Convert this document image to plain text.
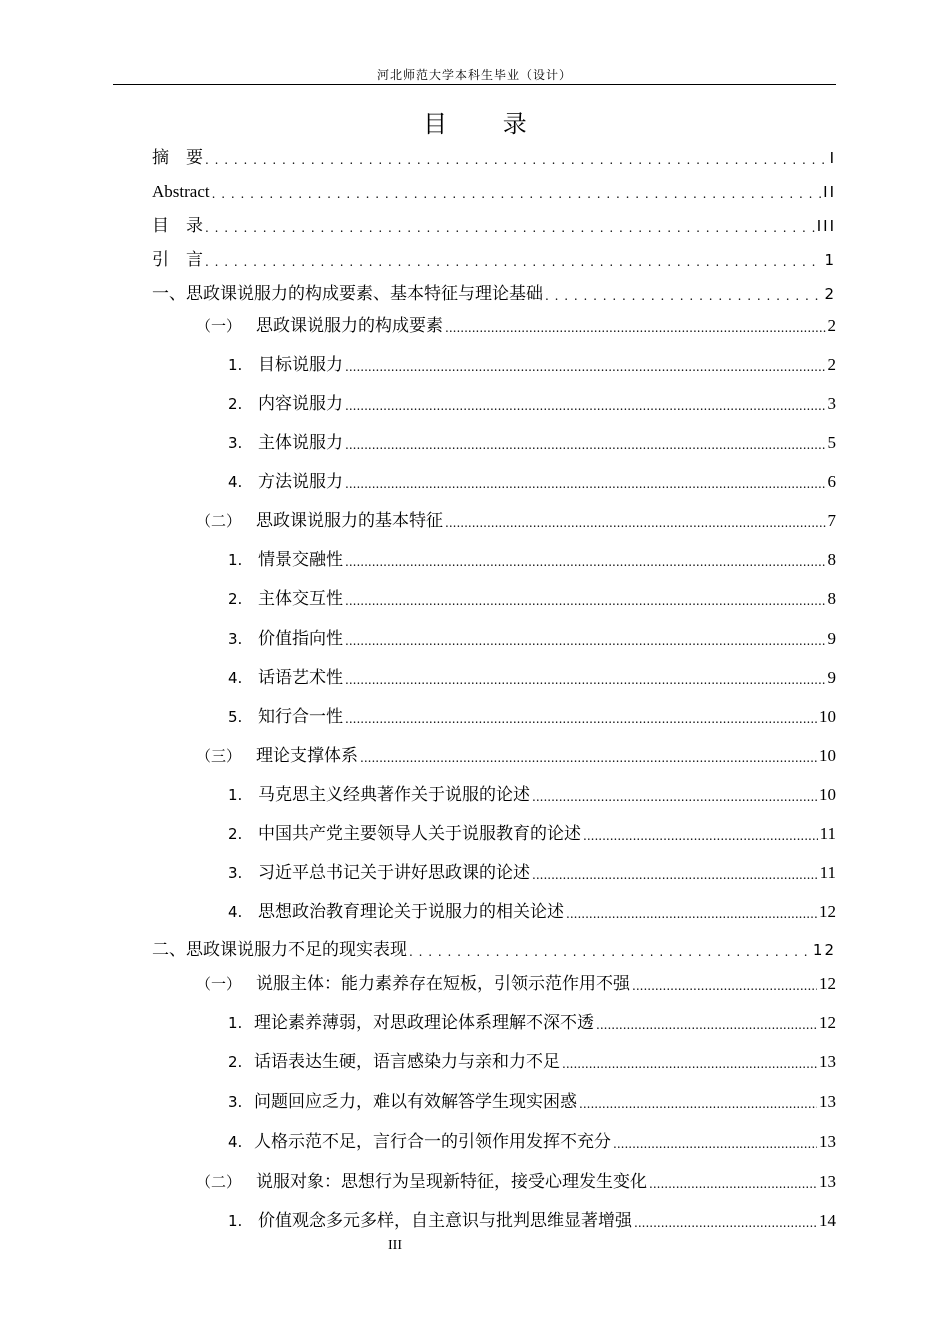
河北师范大学本科生毕业（设计）
目 录
摘　要 . . .	I
Abstract . . .	II
目　录 . . .	III
引　言 . . .	1
一、思政课说服力的构成要素、基本特征与理论基础 . . .	2
（一） 思政课说服力的构成要素 .....	2
1. 目标说服力 .....	2
2. 内容说服力 .....	3
3. 主体说服力 .....	5
4. 方法说服力 .....	6
（二） 思政课说服力的基本特征 .....	7
1. 情景交融性 .....	8
2. 主体交互性 .....	8
3. 价值指向性 .....	9
4. 话语艺术性 .....	9
5. 知行合一性 .....	10
（三） 理论支撑体系 .....	10
1. 马克思主义经典著作关于说服的论述 .....	10
2. 中国共产党主要领导人关于说服教育的论述 .....	11
3. 习近平总书记关于讲好思政课的论述 .....	11
4. 思想政治教育理论关于说服力的相关论述 .....	12
二、思政课说服力不足的现实表现 . . .	12
（一） 说服主体：能力素养存在短板，引领示范作用不强 .....	12
1. 理论素养薄弱，对思政理论体系理解不深不透 .....	12
2. 话语表达生硬，语言感染力与亲和力不足 .....	13
3. 问题回应乏力，难以有效解答学生现实困惑 .....	13
4. 人格示范不足，言行合一的引领作用发挥不充分 .....	13
（二） 说服对象：思想行为呈现新特征，接受心理发生变化 .....	13
1. 价值观念多元多样，自主意识与批判思维显著增强 .....	14
III
